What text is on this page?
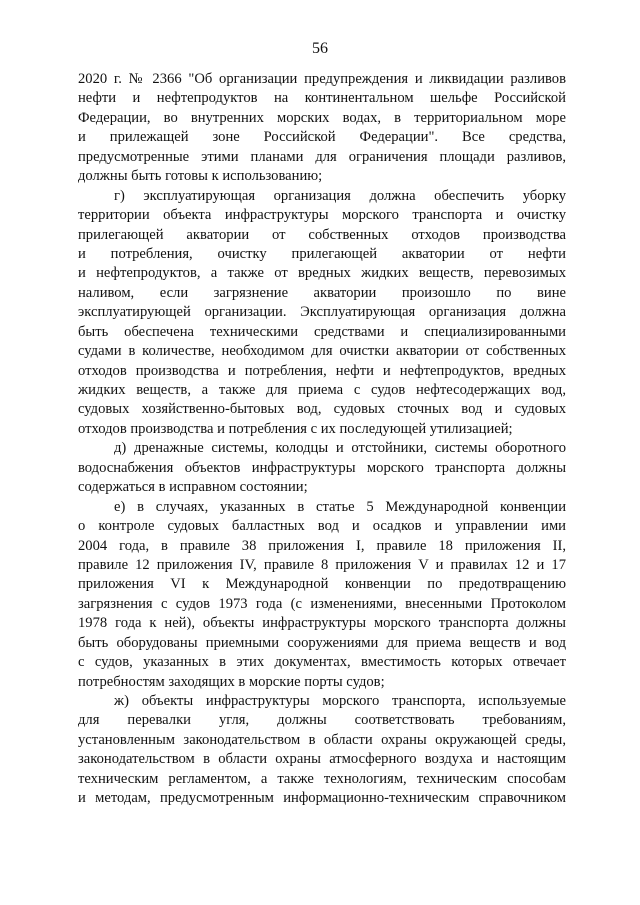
56
2020 г. № 2366 "Об организации предупреждения и ликвидации разливов
нефти и нефтепродуктов на континентальном шельфе Российской
Федерации, во внутренних морских водах, в территориальном море
и прилежащей зоне Российской Федерации". Все средства,
предусмотренные этими планами для ограничения площади разливов,
должны быть готовы к использованию;
г) эксплуатирующая организация должна обеспечить уборку
территории объекта инфраструктуры морского транспорта и очистку
прилегающей акватории от собственных отходов производства
и потребления, очистку прилегающей акватории от нефти
и нефтепродуктов, а также от вредных жидких веществ, перевозимых
наливом, если загрязнение акватории произошло по вине
эксплуатирующей организации. Эксплуатирующая организация должна
быть обеспечена техническими средствами и специализированными
судами в количестве, необходимом для очистки акватории от собственных
отходов производства и потребления, нефти и нефтепродуктов, вредных
жидких веществ, а также для приема с судов нефтесодержащих вод,
судовых хозяйственно-бытовых вод, судовых сточных вод и судовых
отходов производства и потребления с их последующей утилизацией;
д) дренажные системы, колодцы и отстойники, системы оборотного
водоснабжения объектов инфраструктуры морского транспорта должны
содержаться в исправном состоянии;
е) в случаях, указанных в статье 5 Международной конвенции
о контроле судовых балластных вод и осадков и управлении ими
2004 года, в правиле 38 приложения I, правиле 18 приложения II,
правиле 12 приложения IV, правиле 8 приложения V и правилах 12 и 17
приложения VI к Международной конвенции по предотвращению
загрязнения с судов 1973 года (с изменениями, внесенными Протоколом
1978 года к ней), объекты инфраструктуры морского транспорта должны
быть оборудованы приемными сооружениями для приема веществ и вод
с судов, указанных в этих документах, вместимость которых отвечает
потребностям заходящих в морские порты судов;
ж) объекты инфраструктуры морского транспорта, используемые
для перевалки угля, должны соответствовать требованиям,
установленным законодательством в области охраны окружающей среды,
законодательством в области охраны атмосферного воздуха и настоящим
техническим регламентом, а также технологиям, техническим способам
и методам, предусмотренным информационно-техническим справочником
